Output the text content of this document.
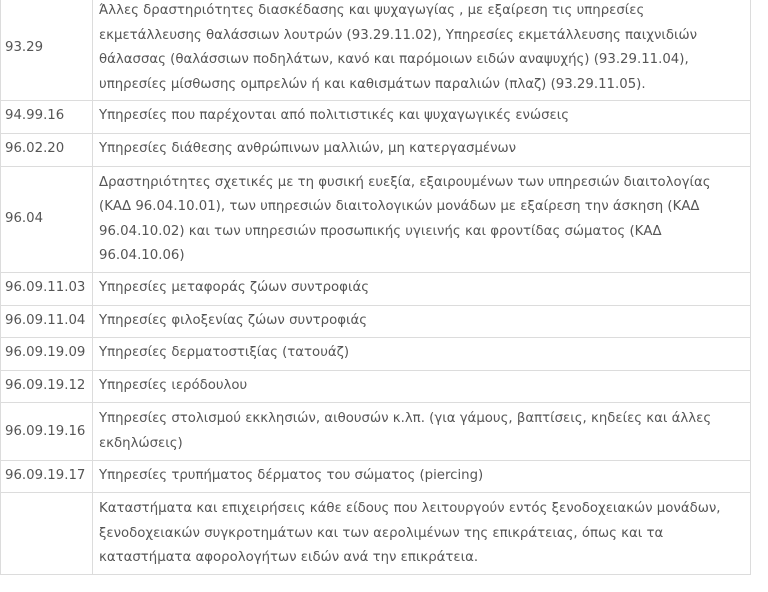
93.29	Άλλες δραστηριότητες διασκέδασης και ψυχαγωγίας , με εξαίρεση τις υπηρεσίες εκμετάλλευσης θαλάσσιων λουτρών (93.29.11.02), Υπηρεσίες εκμετάλλευσης παιχνιδιών θάλασσας (θαλάσσιων ποδηλάτων, κανό και παρόμοιων ειδών αναψυχής) (93.29.11.04), υπηρεσίες μίσθωσης ομπρελών ή και καθισμάτων παραλιών (πλαζ) (93.29.11.05).
94.99.16	Υπηρεσίες που παρέχονται από πολιτιστικές και ψυχαγωγικές ενώσεις
96.02.20	Υπηρεσίες διάθεσης ανθρώπινων μαλλιών, μη κατεργασμένων
96.04	Δραστηριότητες σχετικές με τη φυσική ευεξία, εξαιρουμένων των υπηρεσιών διαιτολογίας (ΚΑΔ 96.04.10.01), των υπηρεσιών διαιτολογικών μονάδων με εξαίρεση την άσκηση (ΚΑΔ 96.04.10.02) και των υπηρεσιών προσωπικής υγιεινής και φροντίδας σώματος (ΚΑΔ 96.04.10.06)
96.09.11.03	Υπηρεσίες μεταφοράς ζώων συντροφιάς
96.09.11.04	Υπηρεσίες φιλοξενίας ζώων συντροφιάς
96.09.19.09	Υπηρεσίες δερματοστιξίας (τατουάζ)
96.09.19.12	Υπηρεσίες ιερόδουλου
96.09.19.16	Υπηρεσίες στολισμού εκκλησιών, αιθουσών κ.λπ. (για γάμους, βαπτίσεις, κηδείες και άλλες εκδηλώσεις)
96.09.19.17	Υπηρεσίες τρυπήματος δέρματος του σώματος (piercing)
	Καταστήματα και επιχειρήσεις κάθε είδους που λειτουργούν εντός ξενοδοχειακών μονάδων, ξενοδοχειακών συγκροτημάτων και των αερολιμένων της επικράτειας, όπως και τα καταστήματα αφορολογήτων ειδών ανά την επικράτεια.
